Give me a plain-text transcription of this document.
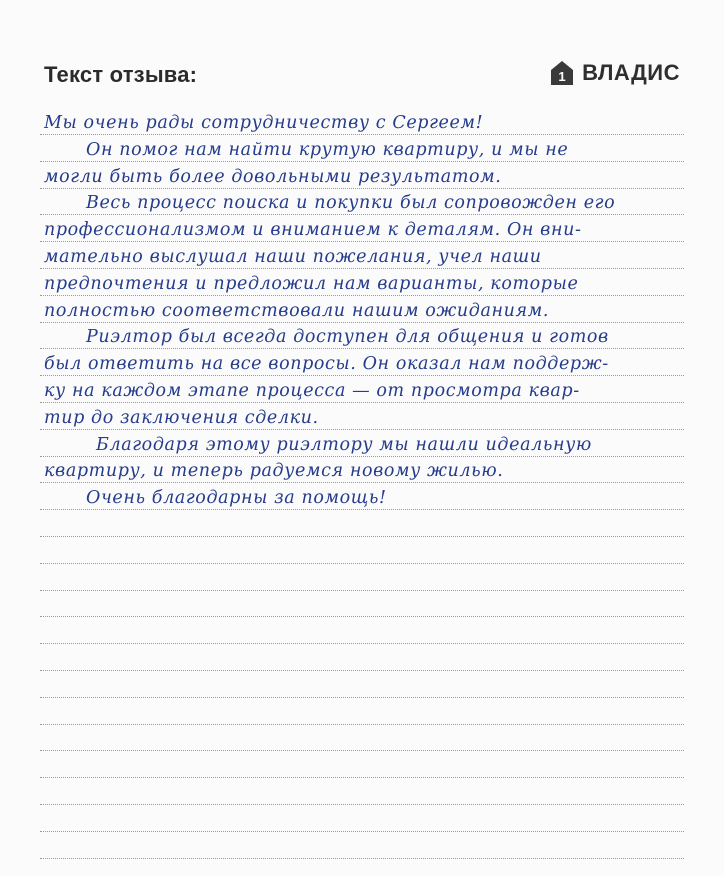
Текст отзыва:	1 ВЛАДИС
Мы очень рады сотрудничеству с Сергеем!
Он помог нам найти крутую квартиру, и мы не
могли быть более довольными результатом.
Весь процесс поиска и покупки был сопровожден его
профессионализмом и вниманием к деталям. Он вни-
мательно выслушал наши пожелания, учел наши
предпочтения и предложил нам варианты, которые
полностью соответствовали нашим ожиданиям.
Риэлтор был всегда доступен для общения и готов
был ответить на все вопросы. Он оказал нам поддерж-
ку на каждом этапе процесса — от просмотра квар-
тир до заключения сделки.
Благодаря этому риэлтору мы нашли идеальную
квартиру, и теперь радуемся новому жилью.
Очень благодарны за помощь!
